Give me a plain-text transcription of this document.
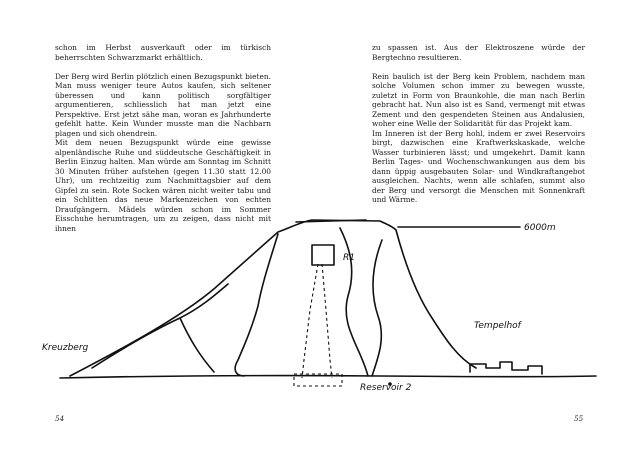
schon im Herbst ausverkauft oder im türkisch beherrschten Schwarzmarkt erhältlich.

Der Berg wird Berlin plötzlich einen Bezugspunkt bieten. Man muss weniger teure Autos kaufen, sich seltener überessen und kann politisch sorgfältiger argumentieren, schliesslich hat man jetzt eine Perspektive. Erst jetzt sähe man, woran es Jahrhunderte gefehlt hatte. Kein Wunder musste man die Nachbarn plagen und sich ohendrein.

Mit dem neuen Bezugspunkt würde eine gewisse alpenländische Ruhe und süddeutsche Geschäftigkeit in Berlin Einzug halten. Man würde am Sonntag im Schnitt 30 Minuten früher aufstehen (gegen 11.30 statt 12.00 Uhr), um rechtzeitig zum Nachmittagsbier auf dem Gipfel zu sein. Rote Socken wären nicht weiter tabu und ein Schlitten das neue Markenzeichen von echten Draufgängern. Mädels würden schon im Sommer Eisschuhe herumtragen, um zu zeigen, dass nicht mit ihnen

zu spassen ist. Aus der Elektroszene würde der Bergtechno resultieren.

Rein baulich ist der Berg kein Problem, nachdem man solche Volumen schon immer zu bewegen wusste, zuletzt in Form von Braunkohle, die man nach Berlin gebracht hat. Nun also ist es Sand, vermengt mit etwas Zement und den gespendeten Steinen aus Andalusien, woher eine Welle der Solidarität für das Projekt kam.

Im Inneren ist der Berg hohl, indem er zwei Reservoirs birgt, dazwischen eine Kraftwerkskaskade, welche Wasser turbinieren lässt; und umgekehrt. Damit kann Berlin Tages- und Wochenschwankungen aus dem bis dann üppig ausgebauten Solar- und Windkraftangebot ausgleichen. Nachts, wenn alle schlafen, summt also der Berg und versorgt die Menschen mit Sonnenkraft und Wärme.

6000m
R1
Reservoir 2
Kreuzberg
Tempelhof
54	55
